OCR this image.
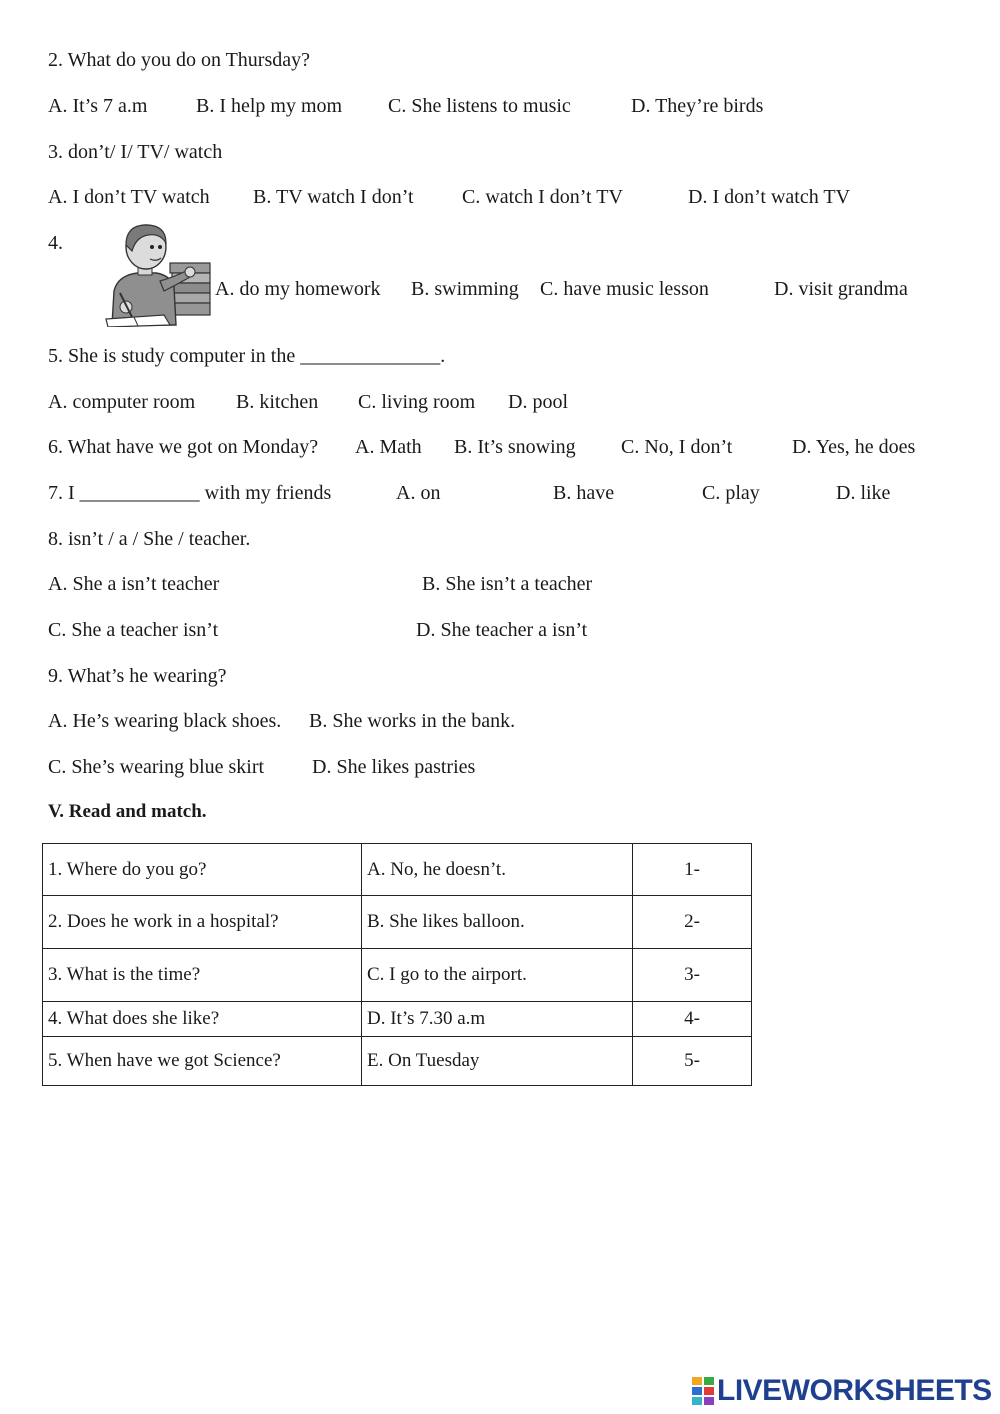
2. What do you do on Thursday?
A. It’s 7 a.m B. I help my mom C. She listens to music	D. They’re birds
3. don’t/ I/ TV/ watch
A. I don’t TV watch B. TV watch I don’t C. watch I don’t TV	D. I don’t watch TV
4.
A. do my homework B. swimming C. have music lesson	D. visit grandma
5. She is study computer in the ______________.
A. computer room B. kitchen C. living room D. pool
6. What have we got on Monday? A. Math B. It’s snowing C. No, I don’t	D. Yes, he does
7. I ____________ with my friends	A. on	B. have	C. play	D. like
8. isn’t / a / She / teacher.
A. She a isn’t teacher	B. She isn’t a teacher
C. She a teacher isn’t	D. She teacher a isn’t
9. What’s he wearing?
A. He’s wearing black shoes. B. She works in the bank.
C. She’s wearing blue skirt D. She likes pastries
V. Read and match.
1. Where do you go?	A. No, he doesn’t.	1-
2. Does he work in a hospital?	B. She likes balloon.	2-
3. What is the time?	C. I go to the airport.	3-
4. What does she like?	D. It’s 7.30 a.m	4-
5. When have we got Science?	E. On Tuesday	5-
LIVEWORKSHEETS
